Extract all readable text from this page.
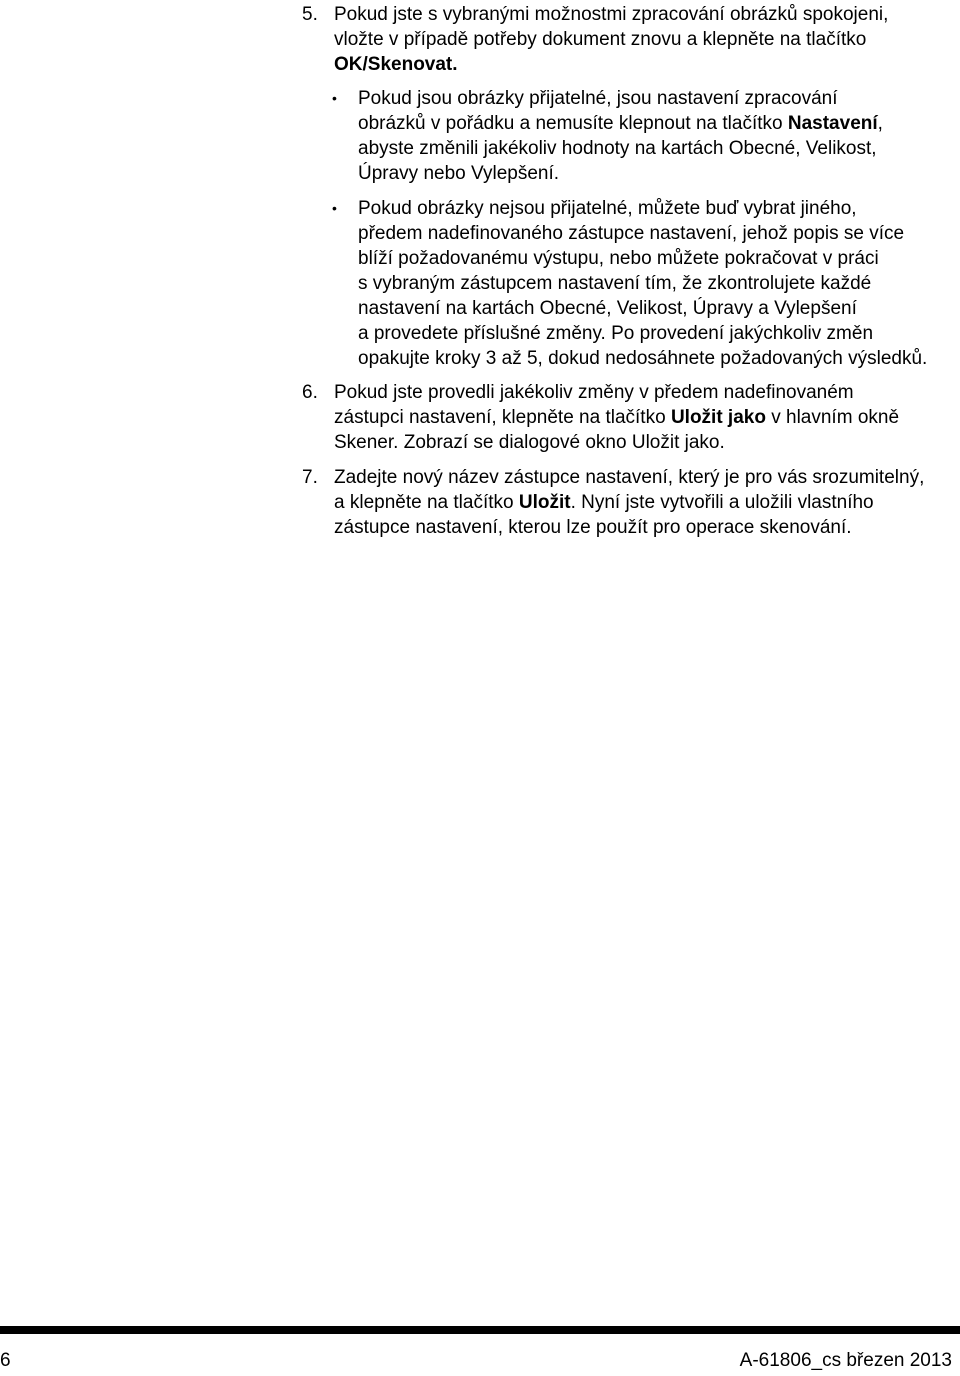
5. Pokud jste s vybranými možnostmi zpracování obrázků spokojeni,

vložte v případě potřeby dokument znovu a klepněte na tlačítko

OK/Skenovat.

•	Pokud jsou obrázky přijatelné, jsou nastavení zpracování

obrázků v pořádku a nemusíte klepnout na tlačítko Nastavení,

abyste změnili jakékoliv hodnoty na kartách Obecné, Velikost,

Úpravy nebo Vylepšení.

•	Pokud obrázky nejsou přijatelné, můžete buď vybrat jiného,

předem nadefinovaného zástupce nastavení, jehož popis se více

blíží požadovanému výstupu, nebo můžete pokračovat v práci

s vybraným zástupcem nastavení tím, že zkontrolujete každé

nastavení na kartách Obecné, Velikost, Úpravy a Vylepšení

a provedete příslušné změny. Po provedení jakýchkoliv změn

opakujte kroky 3 až 5, dokud nedosáhnete požadovaných výsledků.

6. Pokud jste provedli jakékoliv změny v předem nadefinovaném

zástupci nastavení, klepněte na tlačítko Uložit jako v hlavním okně

Skener. Zobrazí se dialogové okno Uložit jako.

7. Zadejte nový název zástupce nastavení, který je pro vás srozumitelný,

a klepněte na tlačítko Uložit. Nyní jste vytvořili a uložili vlastního

zástupce nastavení, kterou lze použít pro operace skenování.

6	A-61806_cs březen 2013
